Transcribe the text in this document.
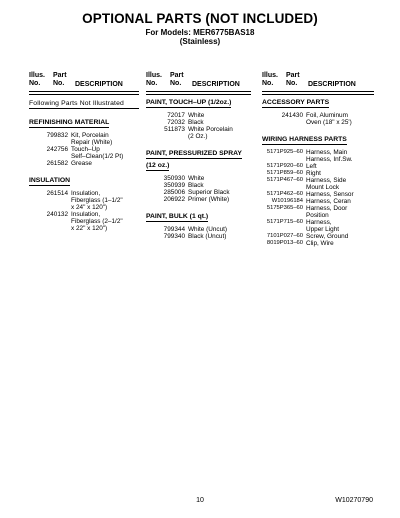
OPTIONAL PARTS (NOT INCLUDED)
For Models: MER6775BAS18
(Stainless)
Illus.
No.
Part
No.	DESCRIPTION
Following Parts Not Illustrated
REFINISHING MATERIAL
799832 Kit, Porcelain
Repair (White)
242756 Touch–Up
Self–Clean(1/2 Pt)
261582 Grease
INSULATION
261514 Insulation,
Fiberglass (1–1/2"
x 24" x 120")
240132 Insulation,
Fiberglass (2–1/2"
x 22" x 120")
Illus.
No.
Part
No.	DESCRIPTION
PAINT, TOUCH–UP (1/2oz.)
72017 White
72032 Black
511873 White Porcelain
(2 Oz.)
PAINT, PRESSURIZED SPRAY
(12 oz.)
350930 White
350939 Black
285006 Superior Black
206922 Primer (White)
PAINT, BULK (1 qt.)
799344 White (Uncut)
799340 Black (Uncut)
Illus.
No.
Part
No.	DESCRIPTION
ACCESSORY PARTS
241430 Foil, Aluminum
Oven (18" x 25')
WIRING HARNESS PARTS
5171P925–60 Harness, Main
Harness, Inf.Sw.
5171P920–60 Left
5171P859–60 Right
5171P467–60 Harness, Side
Mount Lock
5171P462–60 Harness, Sensor
W10196184 Harness, Ceran
5175P365–60 Harness, Door
Position
5171P715–60 Harness,
Upper Light
7101P027–60 Screw, Ground
8019P013–60 Clip, Wire
10	W10270790
